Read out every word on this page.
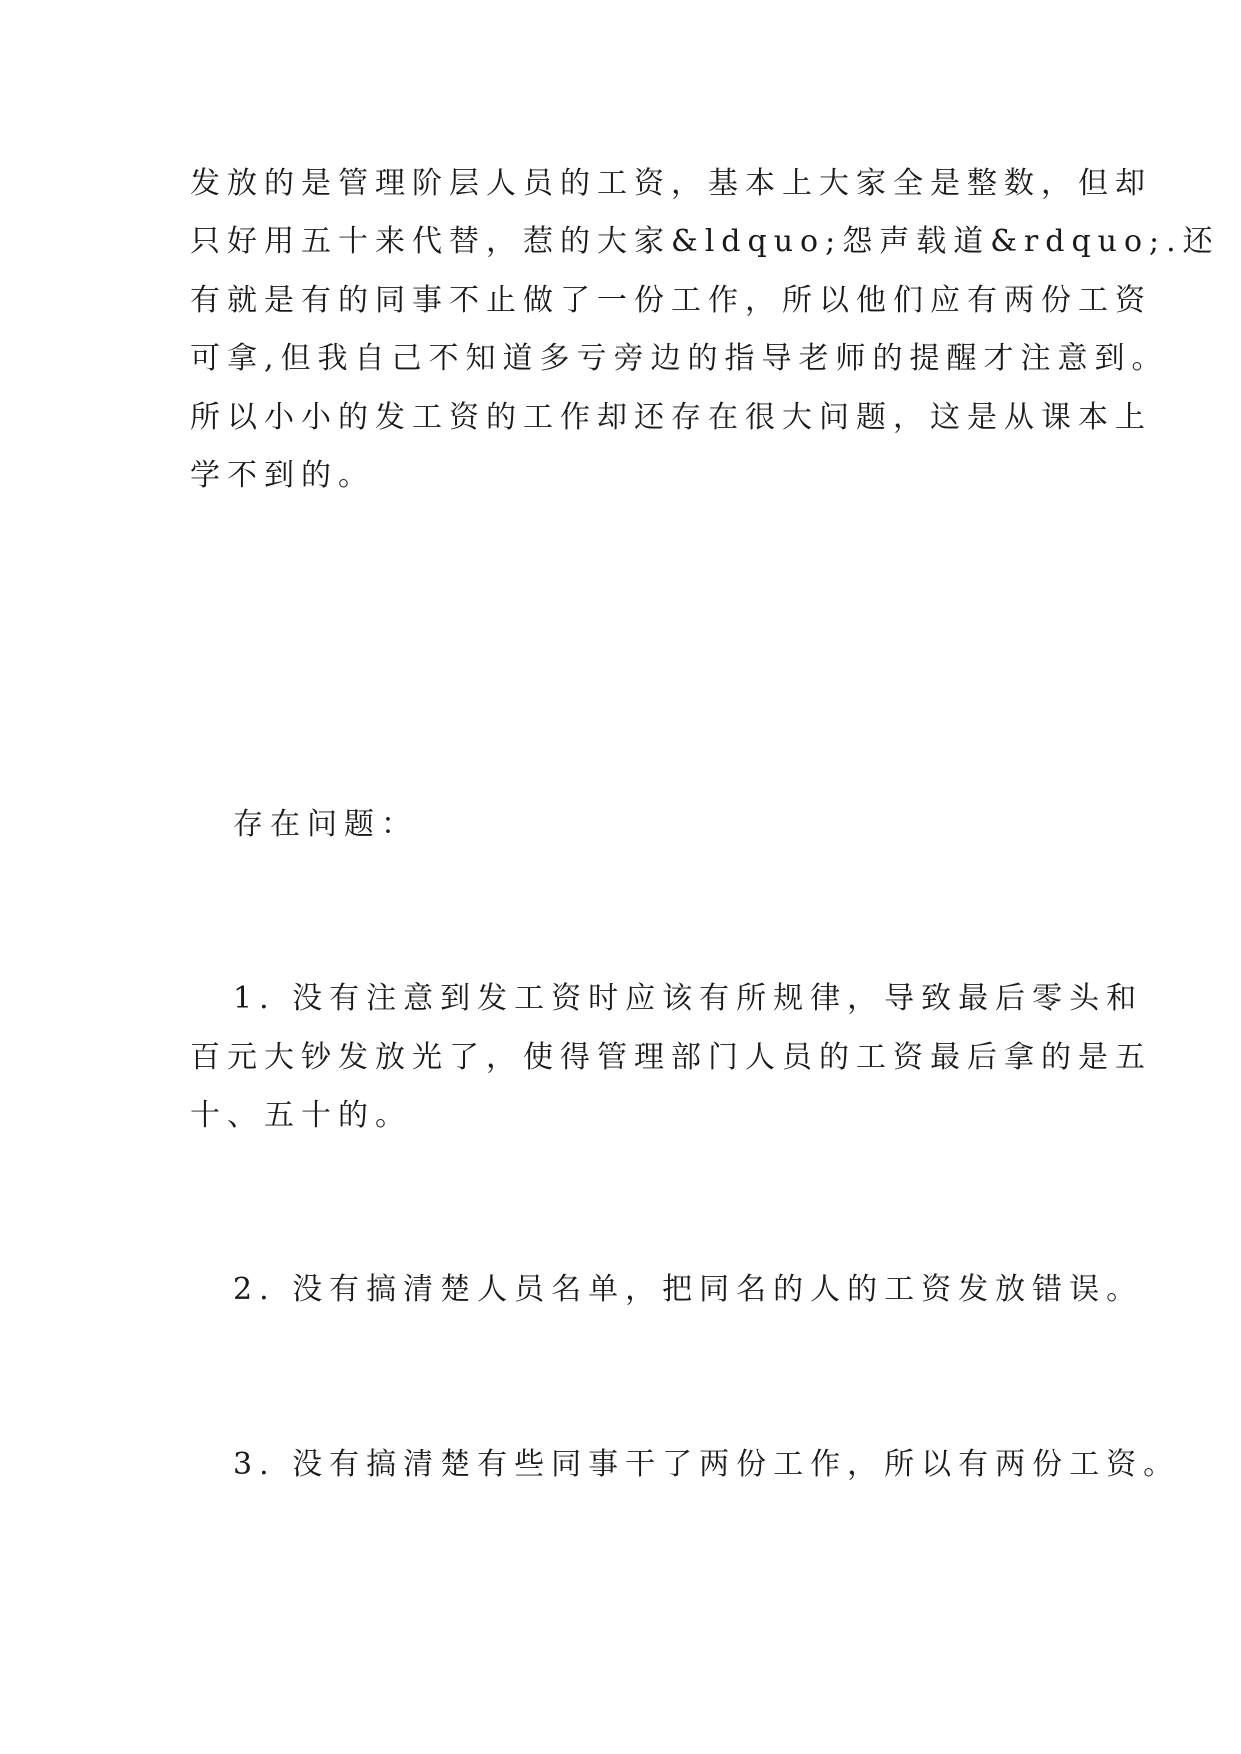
发放的是管理阶层人员的工资，基本上大家全是整数，但却
只好用五十来代替，惹的大家&ldquo;怨声载道&rdquo;.还
有就是有的同事不止做了一份工作，所以他们应有两份工资
可拿,但我自己不知道多亏旁边的指导老师的提醒才注意到。
所以小小的发工资的工作却还存在很大问题，这是从课本上
学不到的。
存在问题：
1. 没有注意到发工资时应该有所规律，导致最后零头和
百元大钞发放光了，使得管理部门人员的工资最后拿的是五
十、五十的。
2. 没有搞清楚人员名单，把同名的人的工资发放错误。
3. 没有搞清楚有些同事干了两份工作，所以有两份工资。
